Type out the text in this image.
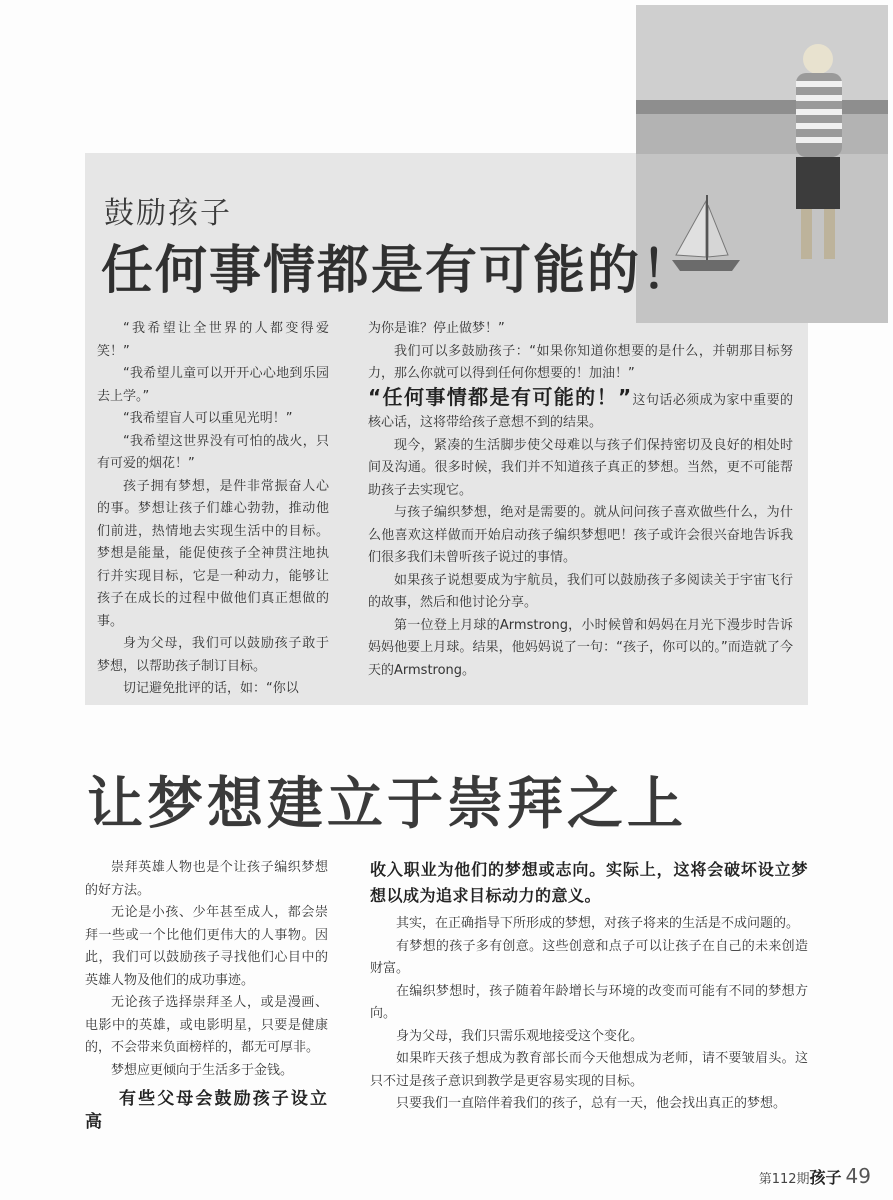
鼓励孩子
任何事情都是有可能的！

“我希望让全世界的人都变得爱笑！”

“我希望儿童可以开开心心地到乐园去上学。”

“我希望盲人可以重见光明！”

“我希望这世界没有可怕的战火，只有可爱的烟花！”

孩子拥有梦想，是件非常振奋人心的事。梦想让孩子们雄心勃勃，推动他们前进，热情地去实现生活中的目标。梦想是能量，能促使孩子全神贯注地执行并实现目标，它是一种动力，能够让孩子在成长的过程中做他们真正想做的事。

身为父母，我们可以鼓励孩子敢于梦想，以帮助孩子制订目标。

切记避免批评的话，如：“你以

为你是谁？停止做梦！”

我们可以多鼓励孩子：“如果你知道你想要的是什么，并朝那目标努力，那么你就可以得到任何你想要的！加油！”

“任何事情都是有可能的！”这句话必须成为家中重要的核心话，这将带给孩子意想不到的结果。

现今，紧凑的生活脚步使父母难以与孩子们保持密切及良好的相处时间及沟通。很多时候，我们并不知道孩子真正的梦想。当然，更不可能帮助孩子去实现它。

与孩子编织梦想，绝对是需要的。就从问问孩子喜欢做些什么，为什么他喜欢这样做而开始启动孩子编织梦想吧！孩子或许会很兴奋地告诉我们很多我们未曾听孩子说过的事情。

如果孩子说想要成为宇航员，我们可以鼓励孩子多阅读关于宇宙飞行的故事，然后和他讨论分享。

第一位登上月球的Armstrong，小时候曾和妈妈在月光下漫步时告诉妈妈他要上月球。结果，他妈妈说了一句：“孩子，你可以的。”而造就了今天的Armstrong。

让梦想建立于崇拜之上

崇拜英雄人物也是个让孩子编织梦想的好方法。

无论是小孩、少年甚至成人，都会崇拜一些或一个比他们更伟大的人事物。因此，我们可以鼓励孩子寻找他们心目中的英雄人物及他们的成功事迹。

无论孩子选择崇拜圣人，或是漫画、电影中的英雄，或电影明星，只要是健康的，不会带来负面榜样的，都无可厚非。

梦想应更倾向于生活多于金钱。

有些父母会鼓励孩子设立高

收入职业为他们的梦想或志向。实际上，这将会破坏设立梦想以成为追求目标动力的意义。

其实，在正确指导下所形成的梦想，对孩子将来的生活是不成问题的。

有梦想的孩子多有创意。这些创意和点子可以让孩子在自己的未来创造财富。

在编织梦想时，孩子随着年龄增长与环境的改变而可能有不同的梦想方向。

身为父母，我们只需乐观地接受这个变化。

如果昨天孩子想成为教育部长而今天他想成为老师，请不要皱眉头。这只不过是孩子意识到教学是更容易实现的目标。

只要我们一直陪伴着我们的孩子，总有一天，他会找出真正的梦想。

第112期孩子 49
